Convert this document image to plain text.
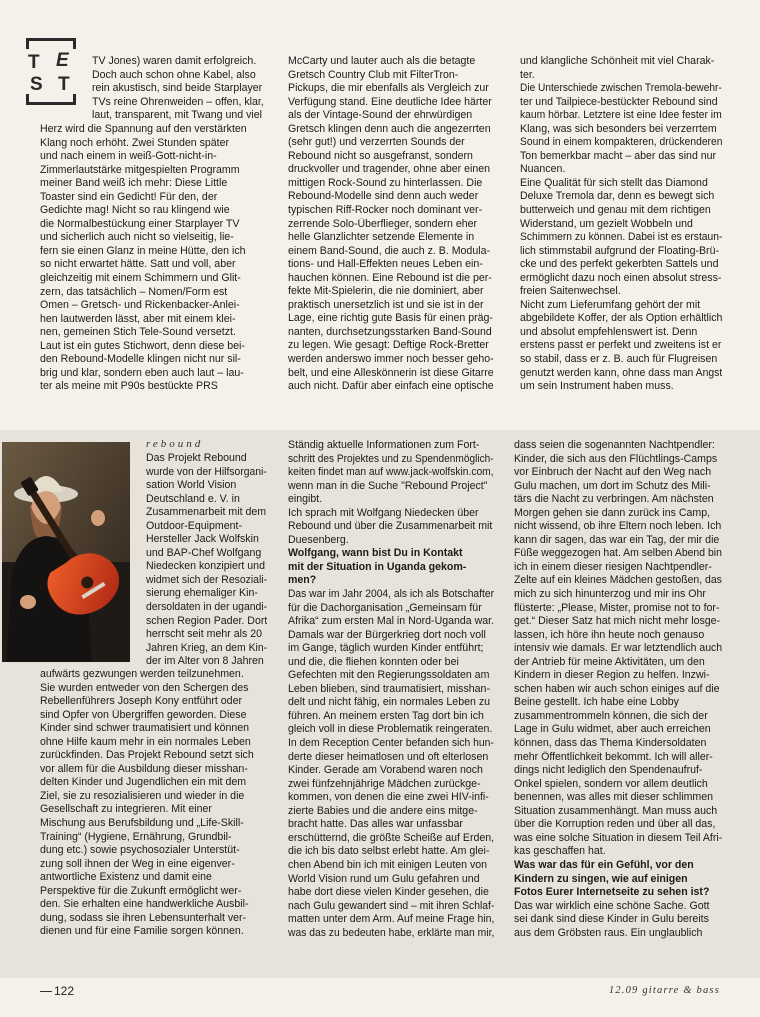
T E
S T
TV Jones) waren damit erfolgreich.
Doch auch schon ohne Kabel, also
rein akustisch, sind beide Starplayer
TVs reine Ohrenweiden – offen, klar,
laut, transparent, mit Twang und viel
Herz wird die Spannung auf den verstärkten
Klang noch erhöht. Zwei Stunden später
und nach einem in weiß-Gott-nicht-in-
Zimmerlautstärke mitgespielten Programm
meiner Band weiß ich mehr: Diese Little
Toaster sind ein Gedicht! Für den, der
Gedichte mag! Nicht so rau klingend wie
die Normalbestückung einer Starplayer TV
und sicherlich auch nicht so vielseitig, lie-
fern sie einen Glanz in meine Hütte, den ich
so nicht erwartet hätte. Satt und voll, aber
gleichzeitig mit einem Schimmern und Glit-
zern, das tatsächlich – Nomen/Form est
Omen – Gretsch- und Rickenbacker-Anlei-
hen lautwerden lässt, aber mit einem klei-
nen, gemeinen Stich Tele-Sound versetzt.
Laut ist ein gutes Stichwort, denn diese bei-
den Rebound-Modelle klingen nicht nur sil-
brig und klar, sondern eben auch laut – lau-
ter als meine mit P90s bestückte PRS
McCarty und lauter auch als die betagte
Gretsch Country Club mit FilterTron-
Pickups, die mir ebenfalls als Vergleich zur
Verfügung stand. Eine deutliche Idee härter
als der Vintage-Sound der ehrwürdigen
Gretsch klingen denn auch die angezerrten
(sehr gut!) und verzerrten Sounds der
Rebound nicht so ausgefranst, sondern
druckvoller und tragender, ohne aber einen
mittigen Rock-Sound zu hinterlassen. Die
Rebound-Modelle sind denn auch weder
typischen Riff-Rocker noch dominant ver-
zerrende Solo-Überflieger, sondern eher
helle Glanzlichter setzende Elemente in
einem Band-Sound, die auch z. B. Modula-
tions- und Hall-Effekten neues Leben ein-
hauchen können. Eine Rebound ist die per-
fekte Mit-Spielerin, die nie dominiert, aber
praktisch unersetzlich ist und sie ist in der
Lage, eine richtig gute Basis für einen präg-
nanten, durchsetzungsstarken Band-Sound
zu legen. Wie gesagt: Deftige Rock-Bretter
werden anderswo immer noch besser geho-
belt, und eine Alleskönnerin ist diese Gitarre
auch nicht. Dafür aber einfach eine optische
und klangliche Schönheit mit viel Charak-
ter.
Die Unterschiede zwischen Tremola-bewehr-
ter und Tailpiece-bestückter Rebound sind
kaum hörbar. Letztere ist eine Idee fester im
Klang, was sich besonders bei verzerrtem
Sound in einem kompakteren, drückenderen
Ton bemerkbar macht – aber das sind nur
Nuancen.
Eine Qualität für sich stellt das Diamond
Deluxe Tremola dar, denn es bewegt sich
butterweich und genau mit dem richtigen
Widerstand, um gezielt Wobbeln und
Schimmern zu können. Dabei ist es erstaun-
lich stimmstabil aufgrund der Floating-Brü-
cke und des perfekt gekerbten Sattels und
ermöglicht dazu noch einen absolut stress-
freien Saitenwechsel.
Nicht zum Lieferumfang gehört der mit
abgebildete Koffer, der als Option erhältlich
und absolut empfehlenswert ist. Denn
erstens passt er perfekt und zweitens ist er
so stabil, dass er z. B. auch für Flugreisen
genutzt werden kann, ohne dass man Angst
um sein Instrument haben muss.
rebound
Das Projekt Rebound
wurde von der Hilfsorgani-
sation World Vision
Deutschland e. V. in
Zusammenarbeit mit dem
Outdoor-Equipment-
Hersteller Jack Wolfskin
und BAP-Chef Wolfgang
Niedecken konzipiert und
widmet sich der Resoziali-
sierung ehemaliger Kin-
dersoldaten in der ugandi-
schen Region Pader. Dort
herrscht seit mehr als 20
Jahren Krieg, an dem Kin-
der im Alter von 8 Jahren
aufwärts gezwungen werden teilzunehmen.
Sie wurden entweder von den Schergen des
Rebellenführers Joseph Kony entführt oder
sind Opfer von Übergriffen geworden. Diese
Kinder sind schwer traumatisiert und können
ohne Hilfe kaum mehr in ein normales Leben
zurückfinden. Das Projekt Rebound setzt sich
vor allem für die Ausbildung dieser misshan-
delten Kinder und Jugendlichen ein mit dem
Ziel, sie zu resozialisieren und wieder in die
Gesellschaft zu integrieren. Mit einer
Mischung aus Berufsbildung und „Life-Skill-
Training“ (Hygiene, Ernährung, Grundbil-
dung etc.) sowie psychosozialer Unterstüt-
zung soll ihnen der Weg in eine eigenver-
antwortliche Existenz und damit eine
Perspektive für die Zukunft ermöglicht wer-
den. Sie erhalten eine handwerkliche Ausbil-
dung, sodass sie ihren Lebensunterhalt ver-
dienen und für eine Familie sorgen können.
Ständig aktuelle Informationen zum Fort-
schritt des Projektes und zu Spendenmöglich-
keiten findet man auf www.jack-wolfskin.com,
wenn man in die Suche "Rebound Project"
eingibt.
Ich sprach mit Wolfgang Niedecken über
Rebound und über die Zusammenarbeit mit
Duesenberg.
Wolfgang, wann bist Du in Kontakt
mit der Situation in Uganda gekom-
men?
Das war im Jahr 2004, als ich als Botschafter
für die Dachorganisation „Gemeinsam für
Afrika“ zum ersten Mal in Nord-Uganda war.
Damals war der Bürgerkrieg dort noch voll
im Gange, täglich wurden Kinder entführt;
und die, die fliehen konnten oder bei
Gefechten mit den Regierungssoldaten am
Leben blieben, sind traumatisiert, misshan-
delt und nicht fähig, ein normales Leben zu
führen. An meinem ersten Tag dort bin ich
gleich voll in diese Problematik reingeraten.
In dem Reception Center befanden sich hun-
derte dieser heimatlosen und oft elterlosen
Kinder. Gerade am Vorabend waren noch
zwei fünfzehnjährige Mädchen zurückge-
kommen, von denen die eine zwei HIV-infi-
zierte Babies und die andere eins mitge-
bracht hatte. Das alles war unfassbar
erschütternd, die größte Scheiße auf Erden,
die ich bis dato selbst erlebt hatte. Am glei-
chen Abend bin ich mit einigen Leuten von
World Vision rund um Gulu gefahren und
habe dort diese vielen Kinder gesehen, die
nach Gulu gewandert sind – mit ihren Schlaf-
matten unter dem Arm. Auf meine Frage hin,
was das zu bedeuten habe, erklärte man mir,
dass seien die sogenannten Nachtpendler:
Kinder, die sich aus den Flüchtlings-Camps
vor Einbruch der Nacht auf den Weg nach
Gulu machen, um dort im Schutz des Mili-
tärs die Nacht zu verbringen. Am nächsten
Morgen gehen sie dann zurück ins Camp,
nicht wissend, ob ihre Eltern noch leben. Ich
kann dir sagen, das war ein Tag, der mir die
Füße weggezogen hat. Am selben Abend bin
ich in einem dieser riesigen Nachtpendler-
Zelte auf ein kleines Mädchen gestoßen, das
mich zu sich hinunterzog und mir ins Ohr
flüsterte: „Please, Mister, promise not to for-
get.“ Dieser Satz hat mich nicht mehr losge-
lassen, ich höre ihn heute noch genauso
intensiv wie damals. Er war letztendlich auch
der Antrieb für meine Aktivitäten, um den
Kindern in dieser Region zu helfen. Inzwi-
schen haben wir auch schon einiges auf die
Beine gestellt. Ich habe eine Lobby
zusammentrommeln können, die sich der
Lage in Gulu widmet, aber auch erreichen
können, dass das Thema Kindersoldaten
mehr Öffentlichkeit bekommt. Ich will aller-
dings nicht lediglich den Spendenaufruf-
Onkel spielen, sondern vor allem deutlich
benennen, was alles mit dieser schlimmen
Situation zusammenhängt. Man muss auch
über die Korruption reden und über all das,
was eine solche Situation in diesem Teil Afri-
kas geschaffen hat.
Was war das für ein Gefühl, vor den
Kindern zu singen, wie auf einigen
Fotos Eurer Internetseite zu sehen ist?
Das war wirklich eine schöne Sache. Gott
sei dank sind diese Kinder in Gulu bereits
aus dem Gröbsten raus. Ein unglaublich
122	12.09 gitarre & bass
